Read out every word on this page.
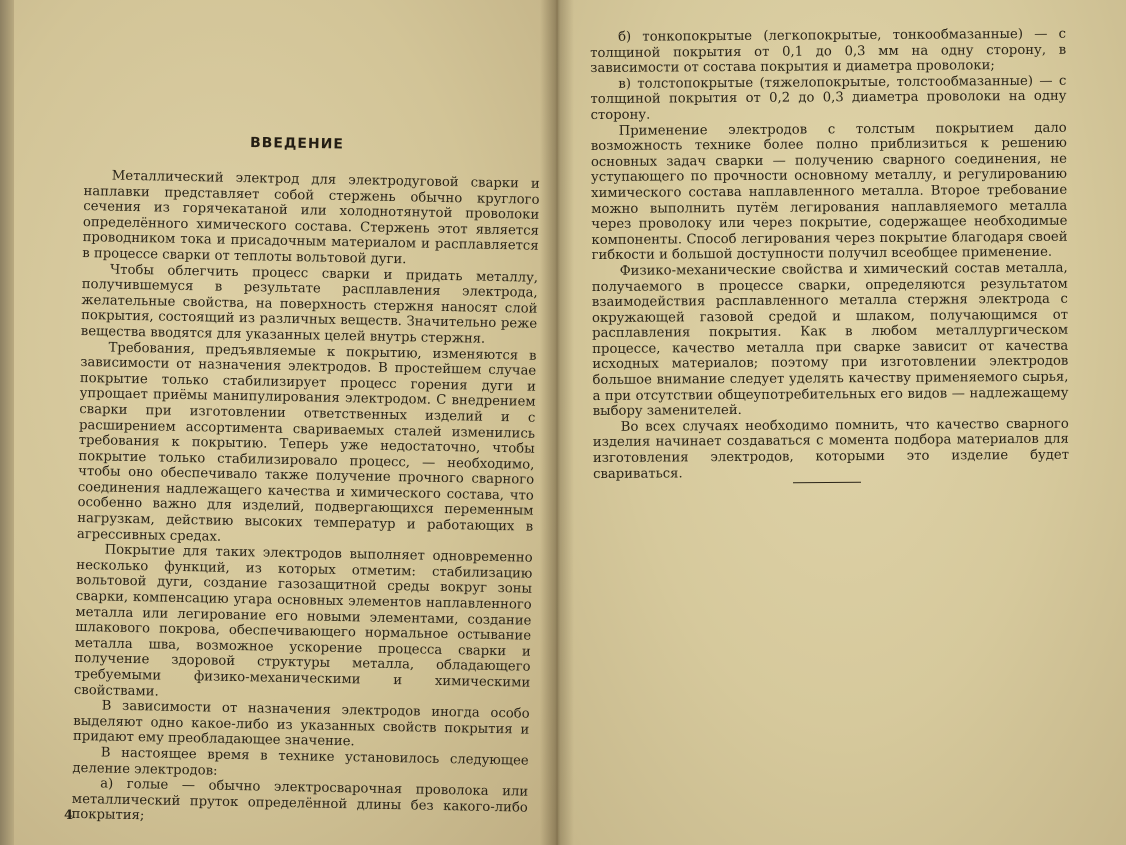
ВВЕДЕНИЕ

Металлический электрод для электродуговой сварки и наплавки представляет собой стержень обычно круглого сечения из горячекатаной или холоднотянутой проволоки определённого химического состава. Стержень этот является проводником тока и присадочным материалом и расплавляется в процессе сварки от теплоты вольтовой дуги.

Чтобы облегчить процесс сварки и придать металлу, получившемуся в результате расплавления электрода, желательные свойства, на поверхность стержня наносят слой покрытия, состоящий из различных веществ. Значительно реже вещества вводятся для указанных целей внутрь стержня.

Требования, предъявляемые к покрытию, изменяются в зависимости от назначения электродов. В простейшем случае покрытие только стабилизирует процесс горения дуги и упрощает приёмы манипулирования электродом. С внедрением сварки при изготовлении ответственных изделий и с расширением ассортимента свариваемых сталей изменились требования к покрытию. Теперь уже недостаточно, чтобы покрытие только стабилизировало процесс, — необходимо, чтобы оно обеспечивало также получение прочного сварного соединения надлежащего качества и химического состава, что особенно важно для изделий, подвергающихся переменным нагрузкам, действию высоких температур и работающих в агрессивных средах.

Покрытие для таких электродов выполняет одновременно несколько функций, из которых отметим: стабилизацию вольтовой дуги, создание газозащитной среды вокруг зоны сварки, компенсацию угара основных элементов наплавленного металла или легирование его новыми элементами, создание шлакового покрова, обеспечивающего нормальное остывание металла шва, возможное ускорение процесса сварки и получение здоровой структуры металла, обладающего требуемыми физико-механическими и химическими свойствами.

В зависимости от назначения электродов иногда особо выделяют одно какое-либо из указанных свойств покрытия и придают ему преобладающее значение.

В настоящее время в технике установилось следующее деление электродов:

а) голые — обычно электросварочная проволока или металлический пруток определённой длины без какого-либо покрытия;

4

б) тонкопокрытые (легкопокрытые, тонкообмазанные) — с толщиной покрытия от 0,1 до 0,3 мм на одну сторону, в зависимости от состава покрытия и диаметра проволоки;

в) толстопокрытые (тяжелопокрытые, толстообмазанные) — с толщиной покрытия от 0,2 до 0,3 диаметра проволоки на одну сторону.

Применение электродов с толстым покрытием дало возможность технике более полно приблизиться к решению основных задач сварки — получению сварного соединения, не уступающего по прочности основному металлу, и регулированию химического состава наплавленного металла. Второе требование можно выполнить путём легирования наплавляемого металла через проволоку или через покрытие, содержащее необходимые компоненты. Способ легирования через покрытие благодаря своей гибкости и большой доступности получил всеобщее применение.

Физико-механические свойства и химический состав металла, получаемого в процессе сварки, определяются результатом взаимодействия расплавленного металла стержня электрода с окружающей газовой средой и шлаком, получающимся от расплавления покрытия. Как в любом металлургическом процессе, качество металла при сварке зависит от качества исходных материалов; поэтому при изготовлении электродов большое внимание следует уделять качеству применяемого сырья, а при отсутствии общеупотребительных его видов — надлежащему выбору заменителей.

Во всех случаях необходимо помнить, что качество сварного изделия начинает создаваться с момента подбора материалов для изготовления электродов, которыми это изделие будет свариваться.
